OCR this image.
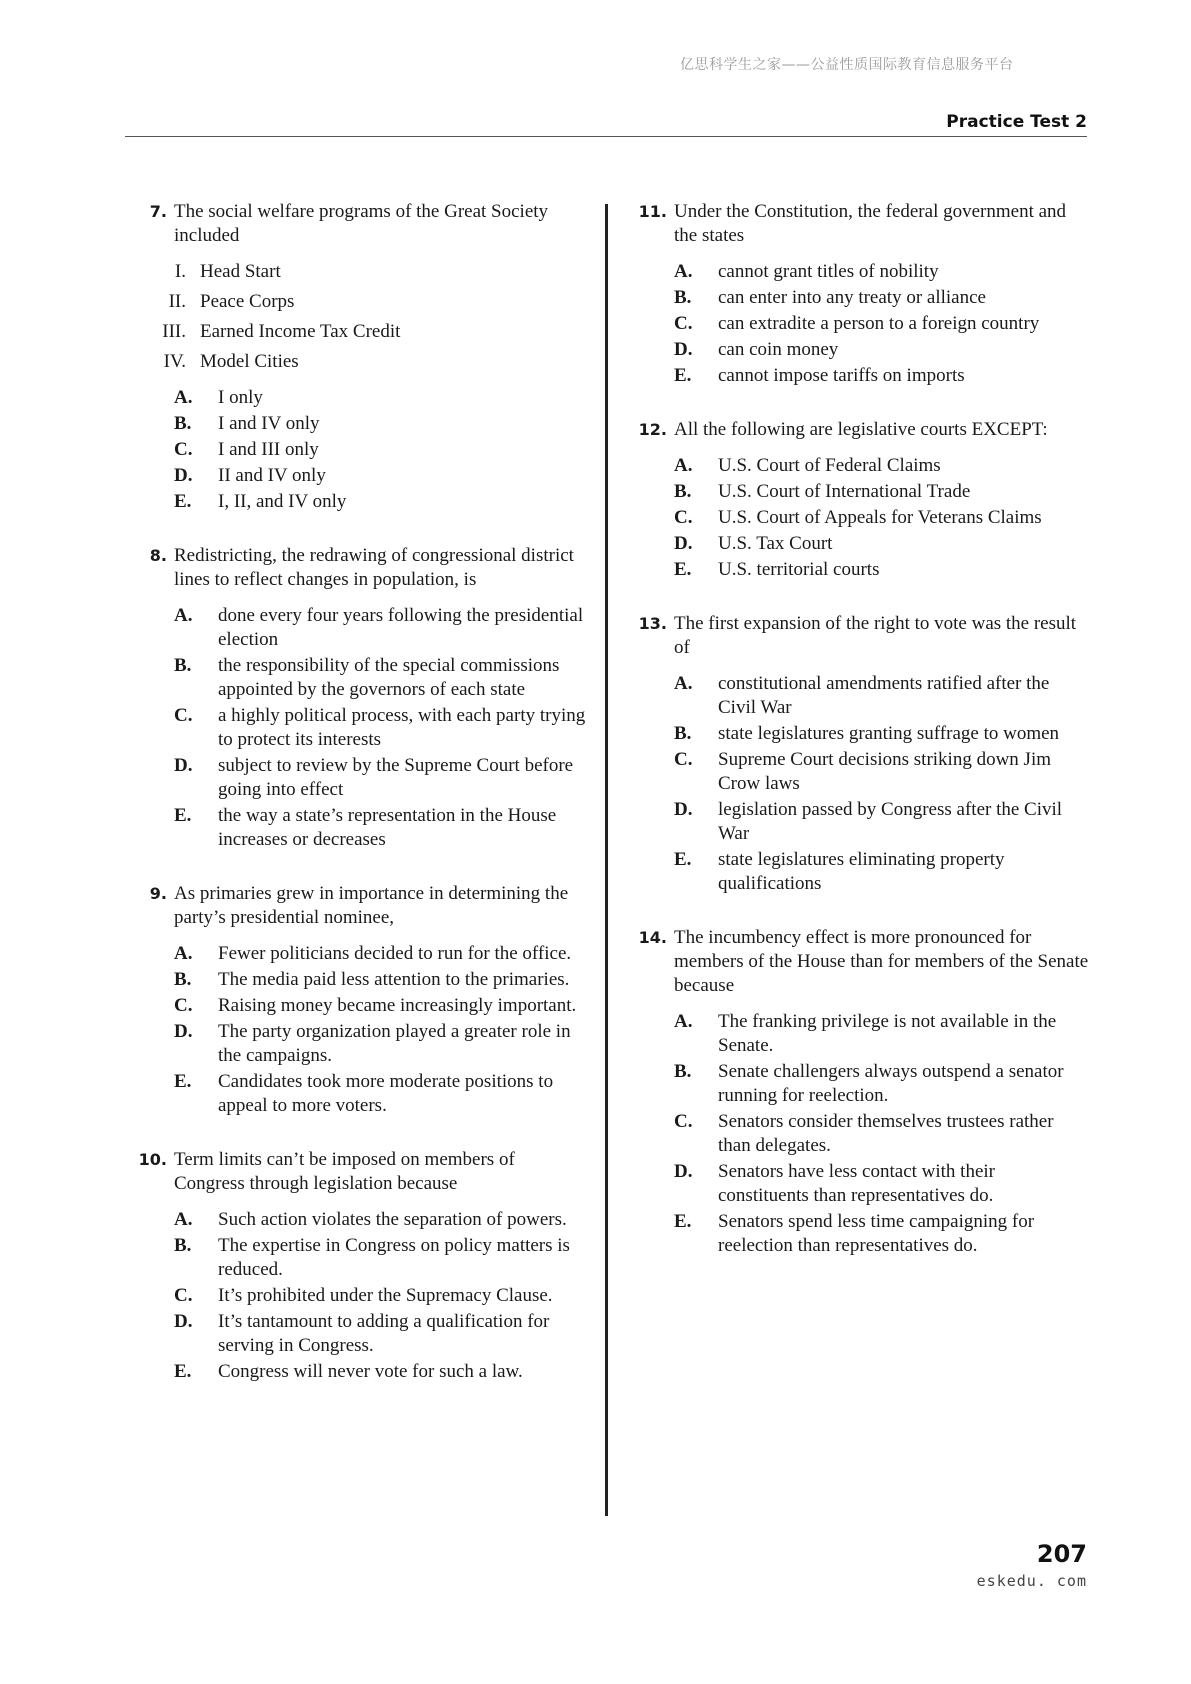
亿思科学生之家——公益性质国际教育信息服务平台
Practice Test 2
7. The social welfare programs of the Great Society included
I. Head Start
II. Peace Corps
III. Earned Income Tax Credit
IV. Model Cities
A.	I only
B.	I and IV only
C.	I and III only
D.	II and IV only
E.	I, II, and IV only
8. Redistricting, the redrawing of congressional district lines to reflect changes in population, is
A.	done every four years following the presidential election
B.	the responsibility of the special commissions appointed by the governors of each state
C.	a highly political process, with each party trying to protect its interests
D.	subject to review by the Supreme Court before going into effect
E.	the way a state’s representation in the House increases or decreases
9. As primaries grew in importance in determining the party’s presidential nominee,
A.	Fewer politicians decided to run for the office.
B.	The media paid less attention to the primaries.
C.	Raising money became increasingly important.
D.	The party organization played a greater role in the campaigns.
E.	Candidates took more moderate positions to appeal to more voters.
10. Term limits can’t be imposed on members of Congress through legislation because
A.	Such action violates the separation of powers.
B.	The expertise in Congress on policy matters is reduced.
C.	It’s prohibited under the Supremacy Clause.
D.	It’s tantamount to adding a qualification for serving in Congress.
E.	Congress will never vote for such a law.
11. Under the Constitution, the federal government and the states
A.	cannot grant titles of nobility
B.	can enter into any treaty or alliance
C.	can extradite a person to a foreign country
D.	can coin money
E.	cannot impose tariffs on imports
12. All the following are legislative courts EXCEPT:
A.	U.S. Court of Federal Claims
B.	U.S. Court of International Trade
C.	U.S. Court of Appeals for Veterans Claims
D.	U.S. Tax Court
E.	U.S. territorial courts
13. The first expansion of the right to vote was the result of
A.	constitutional amendments ratified after the Civil War
B.	state legislatures granting suffrage to women
C.	Supreme Court decisions striking down Jim Crow laws
D.	legislation passed by Congress after the Civil War
E.	state legislatures eliminating property qualifications
14. The incumbency effect is more pronounced for members of the House than for members of the Senate because
A.	The franking privilege is not available in the Senate.
B.	Senate challengers always outspend a senator running for reelection.
C.	Senators consider themselves trustees rather than delegates.
D.	Senators have less contact with their constituents than representatives do.
E.	Senators spend less time campaigning for reelection than representatives do.
207
eskedu. com
